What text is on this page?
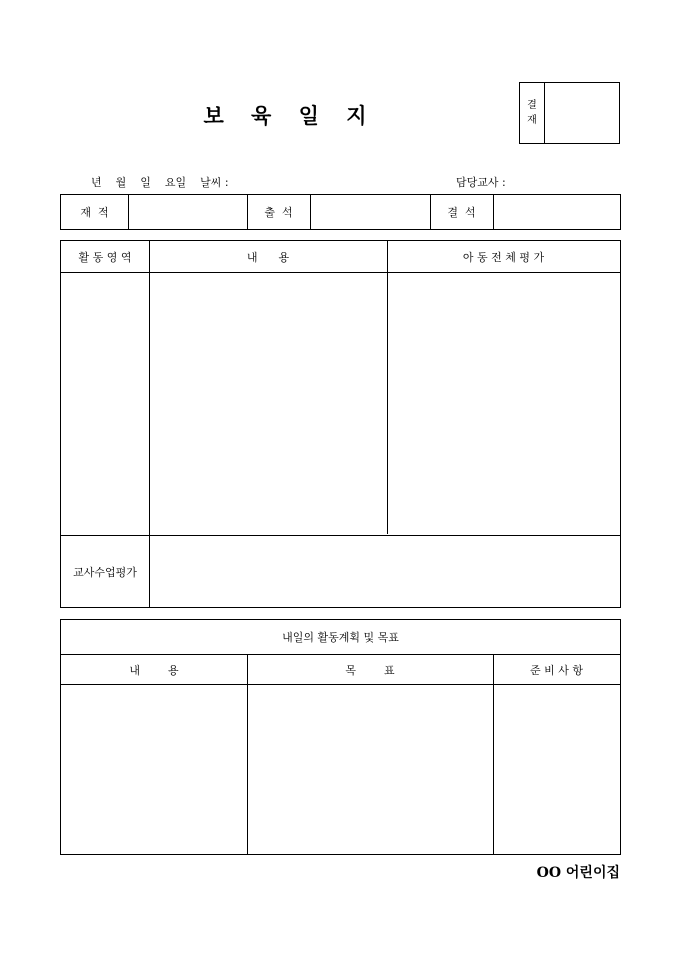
보 육 일 지	결
재
년    월    일    요일    날씨 :	담당교사 :
재  적	출  석	결  석
활 동 영 역	내      용	아 동 전 체 평 가
교사수업평가
내일의 활동계획 및 목표
내        용	목        표	준 비 사 항
OO 어린이집
